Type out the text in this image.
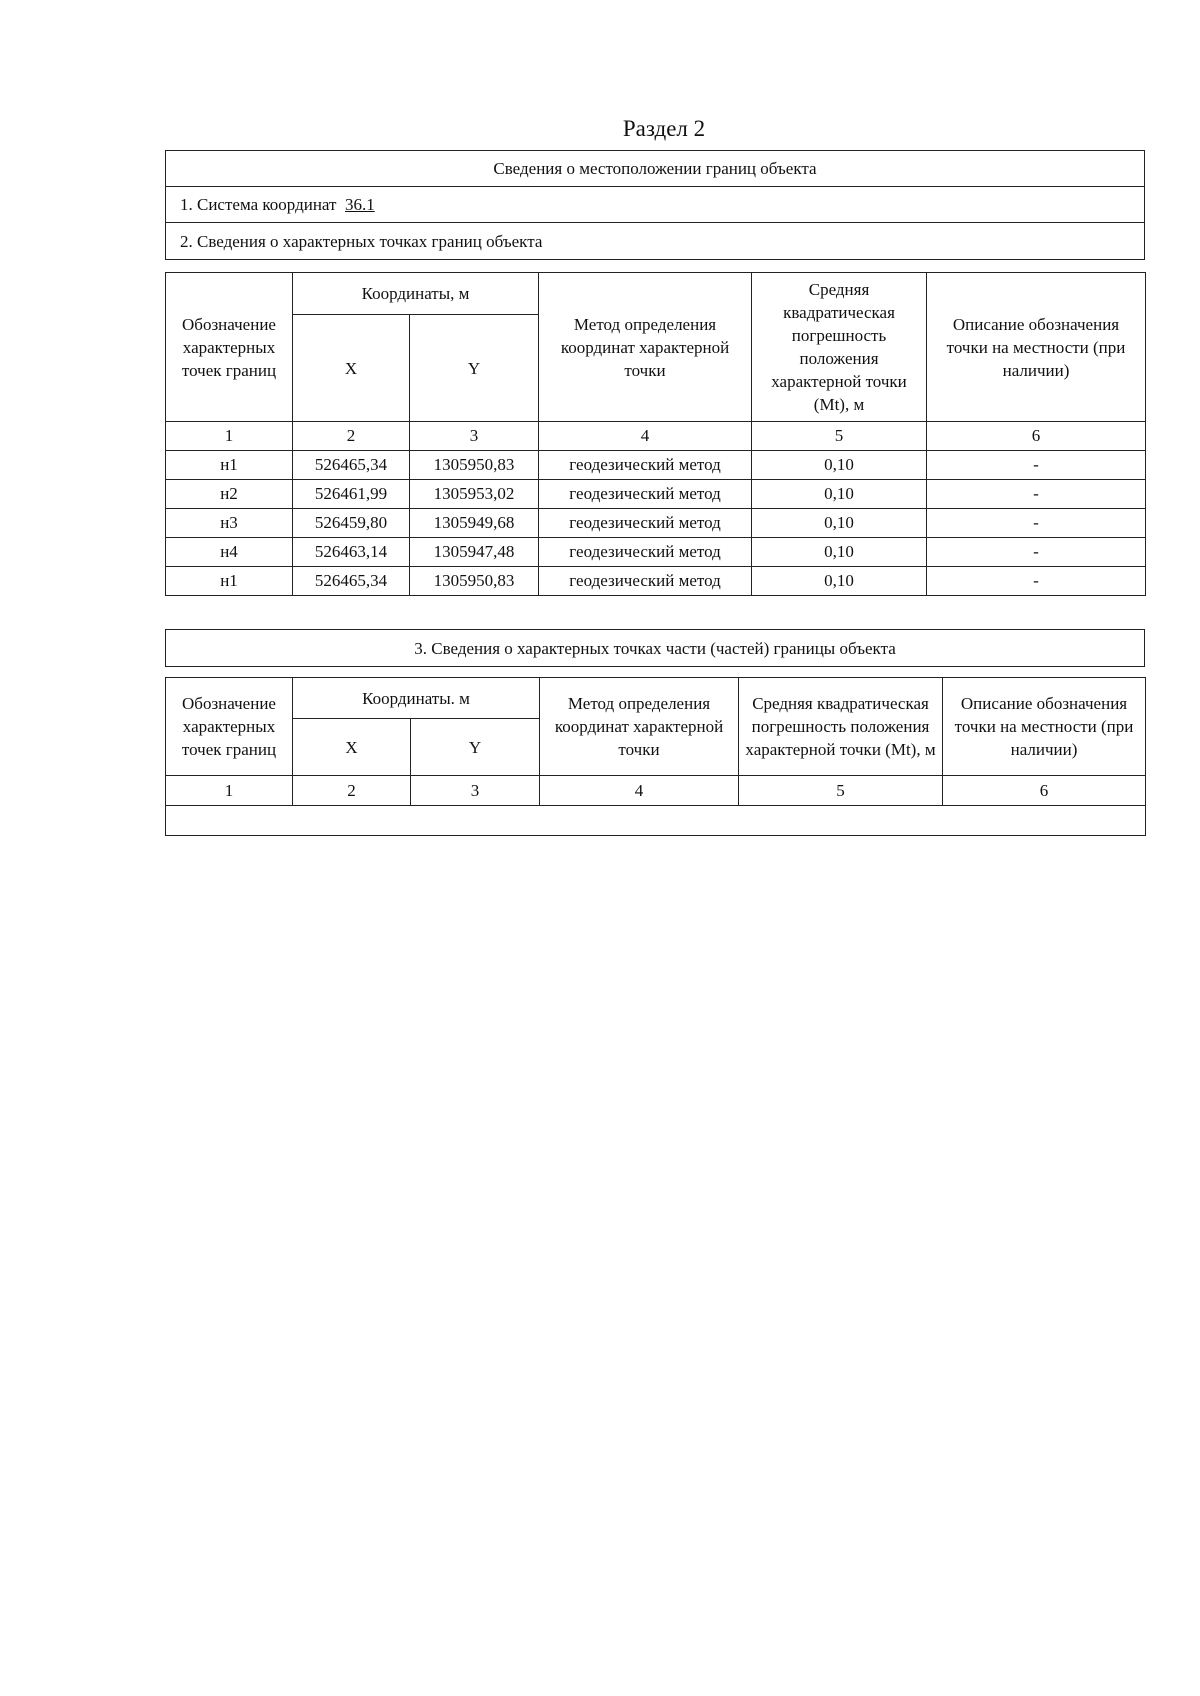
Раздел 2
Сведения о местоположении границ объекта
1. Система координат 36.1
2. Сведения о характерных точках границ объекта
Обозначение характерных точек границ	Координаты, м		Метод определения координат характерной точки	Средняя квадратическая погрешность положения характерной точки (Mt), м	Описание обозначения точки на местности (при наличии)
	X	Y			
1	2	3	4	5	6
н1	526465,34	1305950,83	геодезический метод	0,10	-
н2	526461,99	1305953,02	геодезический метод	0,10	-
н3	526459,80	1305949,68	геодезический метод	0,10	-
н4	526463,14	1305947,48	геодезический метод	0,10	-
н1	526465,34	1305950,83	геодезический метод	0,10	-
3. Сведения о характерных точках части (частей) границы объекта
Обозначение характерных точек границ	Координаты. м		Метод определения координат характерной точки	Средняя квадратическая погрешность положения характерной точки (Mt), м	Описание обозначения точки на местности (при наличии)
	X	Y			
1	2	3	4	5	6
